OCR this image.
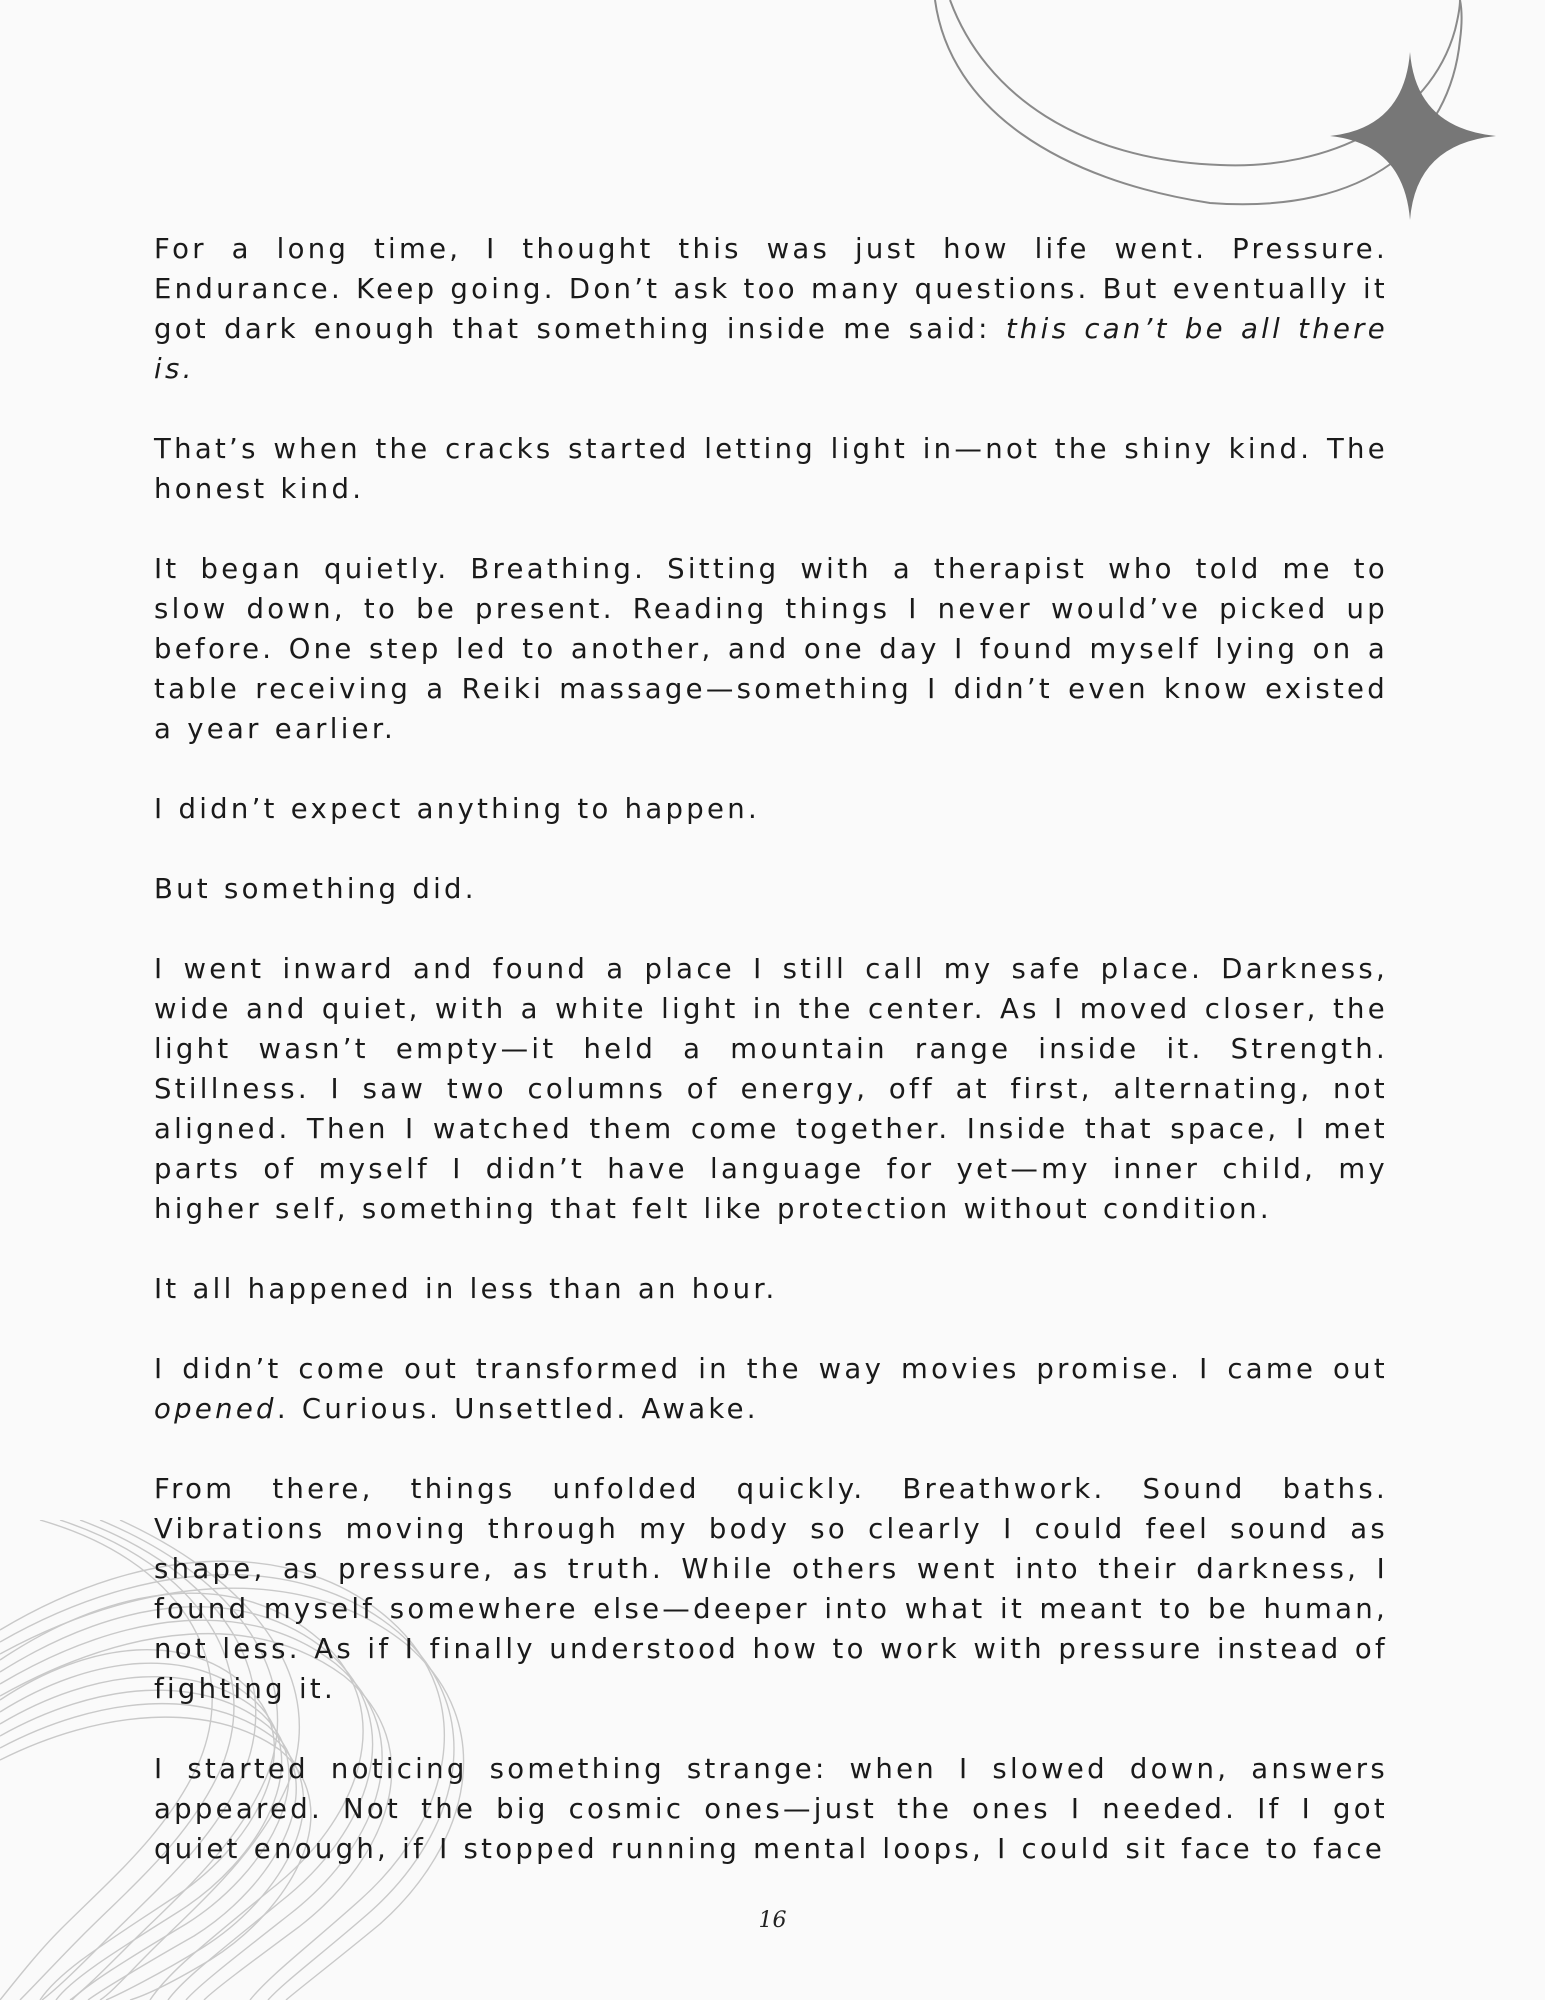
For a long time, I thought this was just how life went. Pressure. Endurance. Keep going. Don’t ask too many questions. But eventually it got dark enough that something inside me said: this can’t be all there is.

That’s when the cracks started letting light in—not the shiny kind. The honest kind.

It began quietly. Breathing. Sitting with a therapist who told me to slow down, to be present. Reading things I never would’ve picked up before. One step led to another, and one day I found myself lying on a table receiving a Reiki massage—something I didn’t even know existed a year earlier.

I didn’t expect anything to happen.

But something did.

I went inward and found a place I still call my safe place. Darkness, wide and quiet, with a white light in the center. As I moved closer, the light wasn’t empty—it held a mountain range inside it. Strength. Stillness. I saw two columns of energy, off at first, alternating, not aligned. Then I watched them come together. Inside that space, I met parts of myself I didn’t have language for yet—my inner child, my higher self, something that felt like protection without condition.

It all happened in less than an hour.

I didn’t come out transformed in the way movies promise. I came out opened. Curious. Unsettled. Awake.

From there, things unfolded quickly. Breathwork. Sound baths. Vibrations moving through my body so clearly I could feel sound as shape, as pressure, as truth. While others went into their darkness, I found myself somewhere else—deeper into what it meant to be human, not less. As if I finally understood how to work with pressure instead of fighting it.

I started noticing something strange: when I slowed down, answers appeared. Not the big cosmic ones—just the ones I needed. If I got quiet enough, if I stopped running mental loops, I could sit face to face

16
